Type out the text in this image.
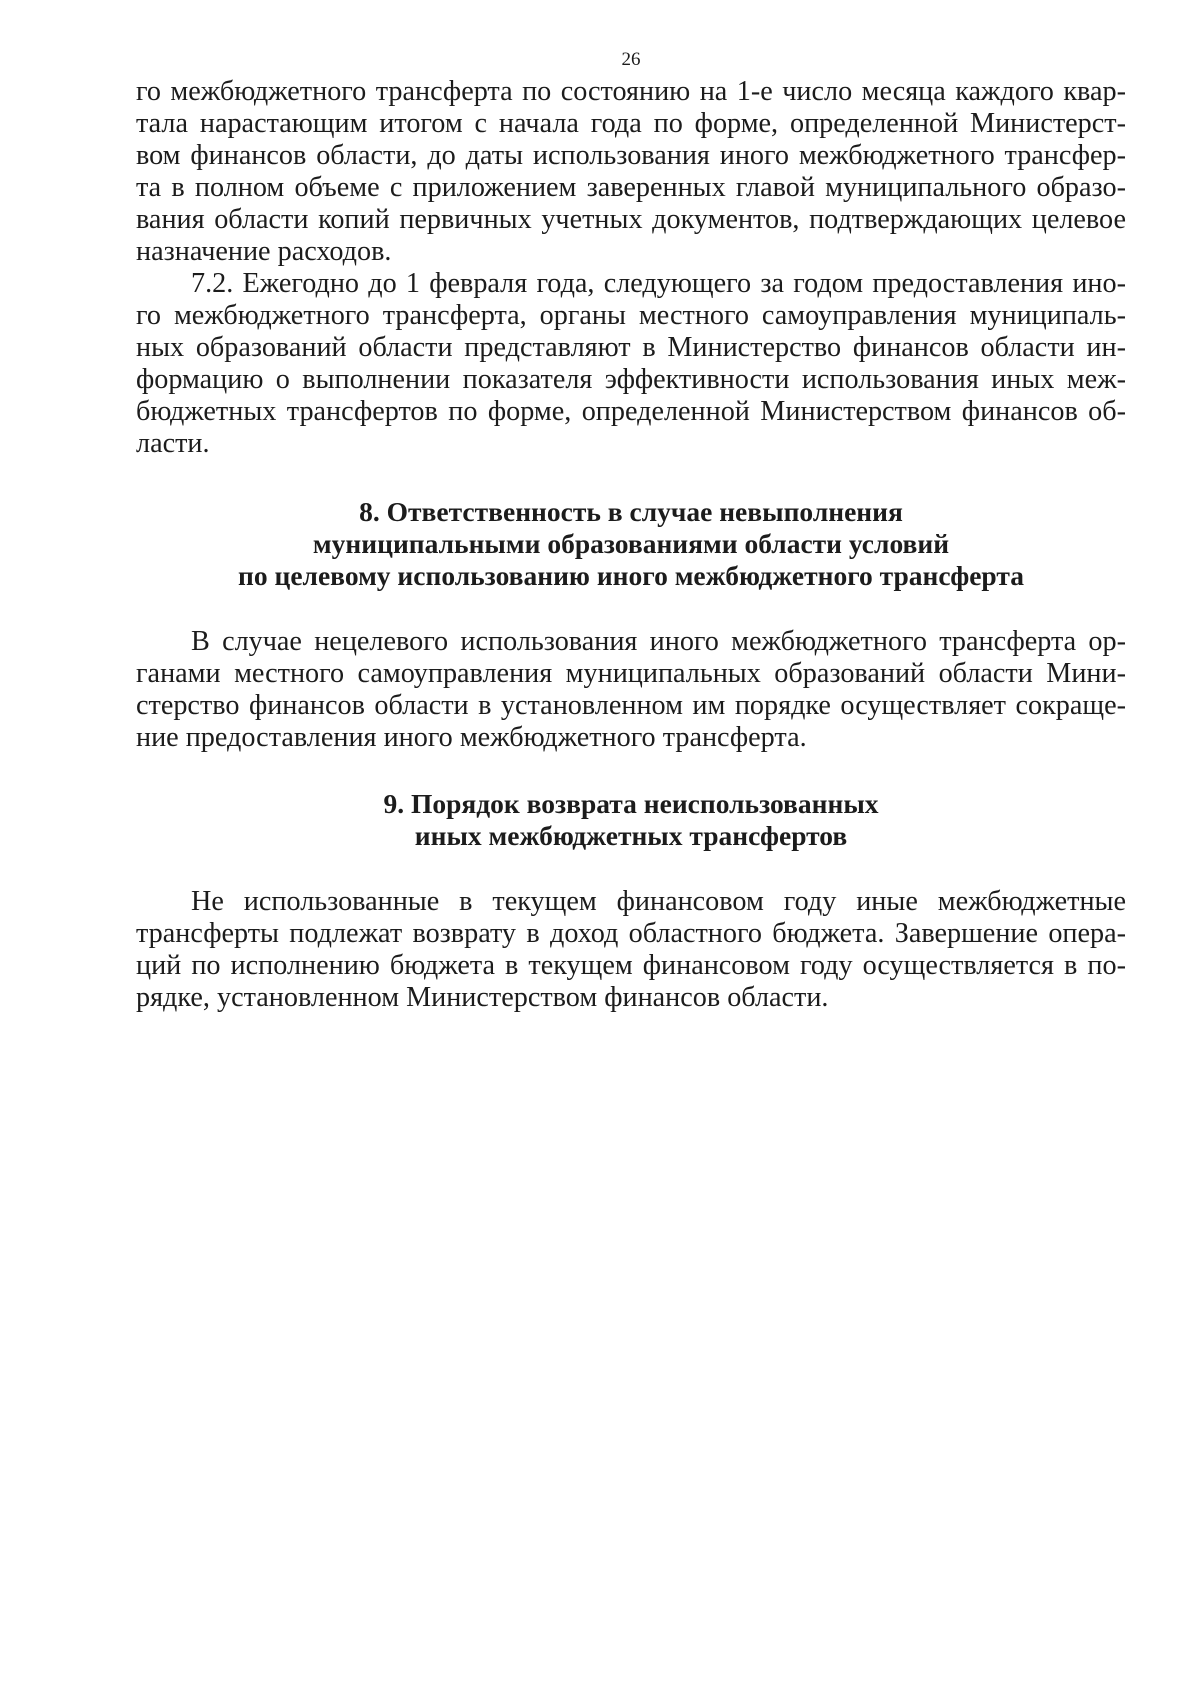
26
го межбюджетного трансферта по состоянию на 1-е число месяца каждого квар-
тала нарастающим итогом с начала года по форме, определенной Министерст-
вом финансов области, до даты использования иного межбюджетного трансфер-
та в полном объеме с приложением заверенных главой муниципального образо-
вания области копий первичных учетных документов, подтверждающих целевое
назначение расходов.
7.2. Ежегодно до 1 февраля года, следующего за годом предоставления ино-
го межбюджетного трансферта, органы местного самоуправления муниципаль-
ных образований области представляют в Министерство финансов области ин-
формацию о выполнении показателя эффективности использования иных меж-
бюджетных трансфертов по форме, определенной Министерством финансов об-
ласти.
8. Ответственность в случае невыполнения
муниципальными образованиями области условий
по целевому использованию иного межбюджетного трансферта
В случае нецелевого использования иного межбюджетного трансферта ор-
ганами местного самоуправления муниципальных образований области Мини-
стерство финансов области в установленном им порядке осуществляет сокраще-
ние предоставления иного межбюджетного трансферта.
9. Порядок возврата неиспользованных
иных межбюджетных трансфертов
Не использованные в текущем финансовом году иные межбюджетные
трансферты подлежат возврату в доход областного бюджета. Завершение опера-
ций по исполнению бюджета в текущем финансовом году осуществляется в по-
рядке, установленном Министерством финансов области.
